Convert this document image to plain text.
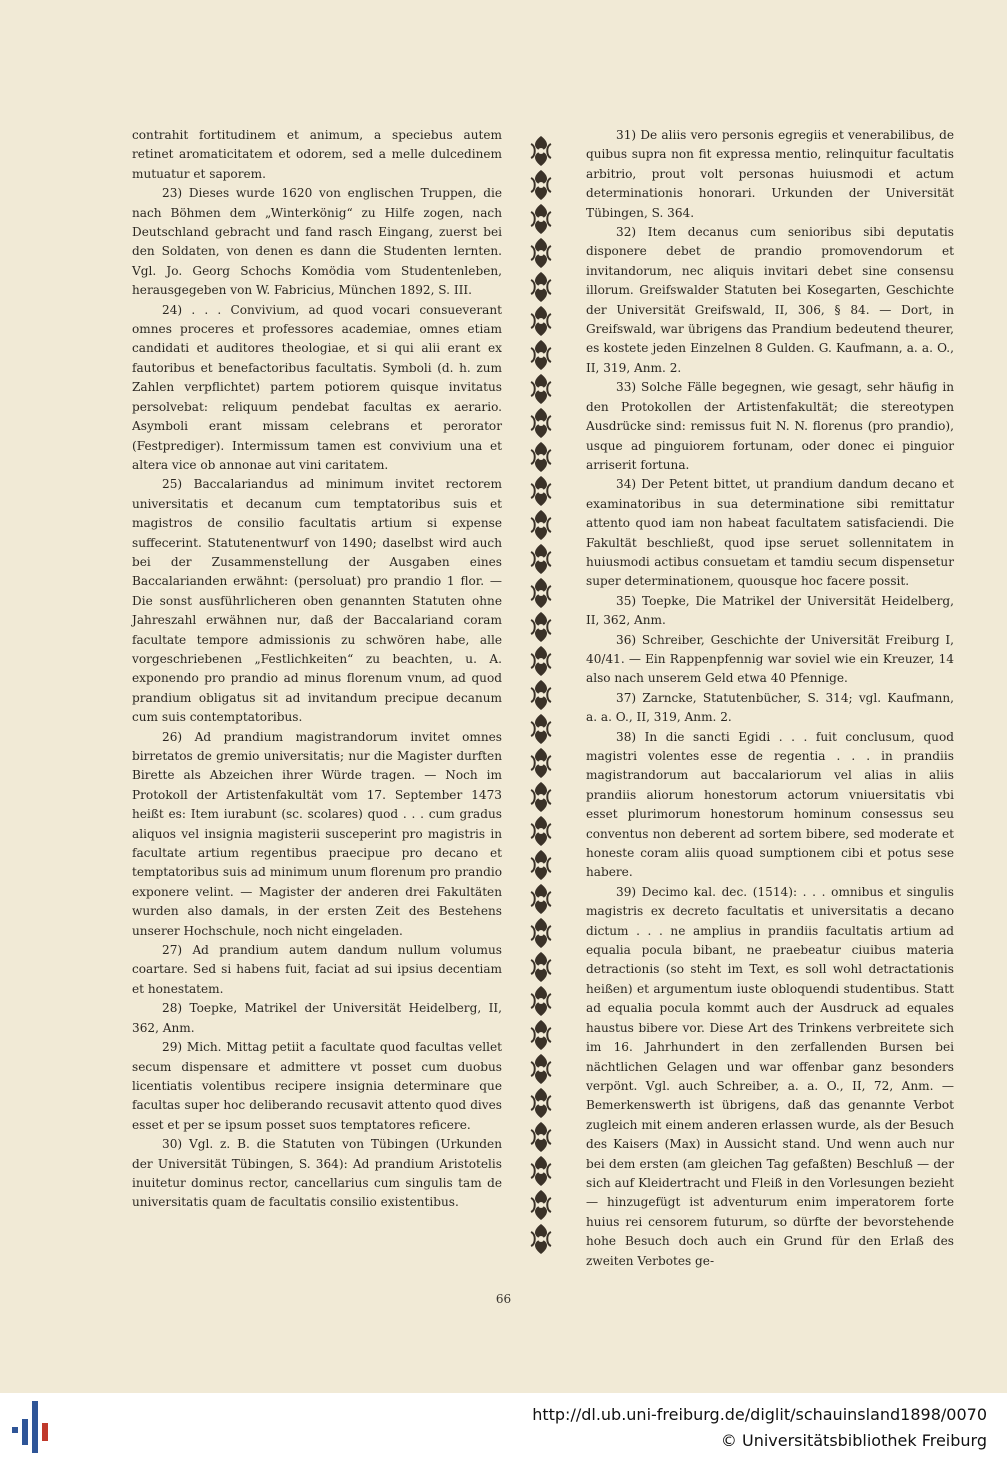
contrahit fortitudinem et animum, a speciebus autem retinet aromaticitatem et odorem, sed a melle dulcedinem mutuatur et saporem.

23) Dieses wurde 1620 von englischen Truppen, die nach Böhmen dem „Winterkönig“ zu Hilfe zogen, nach Deutschland gebracht und fand rasch Eingang, zuerst bei den Soldaten, von denen es dann die Studenten lernten. Vgl. Jo. Georg Schochs Komödia vom Studentenleben, herausgegeben von W. Fabricius, München 1892, S. III.

24) . . . Convivium, ad quod vocari consueverant omnes proceres et professores academiae, omnes etiam candidati et auditores theologiae, et si qui alii erant ex fautoribus et benefactoribus facultatis. Symboli (d. h. zum Zahlen verpflichtet) partem potiorem quisque invitatus persolvebat: reliquum pendebat facultas ex aerario. Asymboli erant missam celebrans et perorator (Festprediger). Intermissum tamen est convivium una et altera vice ob annonae aut vini caritatem.

25) Baccalariandus ad minimum invitet rectorem universitatis et decanum cum temptatoribus suis et magistros de consilio facultatis artium si expense suffecerint. Statutenentwurf von 1490; daselbst wird auch bei der Zusammenstellung der Ausgaben eines Baccalarianden erwähnt: (persoluat) pro prandio 1 flor. — Die sonst ausführlicheren oben genannten Statuten ohne Jahreszahl erwähnen nur, daß der Baccalariand coram facultate tempore admissionis zu schwören habe, alle vorgeschriebenen „Festlichkeiten“ zu beachten, u. A. exponendo pro prandio ad minus florenum vnum, ad quod prandium obligatus sit ad invitandum precipue decanum cum suis contemptatoribus.

26) Ad prandium magistrandorum invitet omnes birretatos de gremio universitatis; nur die Magister durften Birette als Abzeichen ihrer Würde tragen. — Noch im Protokoll der Artistenfakultät vom 17. September 1473 heißt es: Item iurabunt (sc. scolares) quod . . . cum gradus aliquos vel insignia magisterii susceperint pro magistris in facultate artium regentibus praecipue pro decano et temptatoribus suis ad minimum unum florenum pro prandio exponere velint. — Magister der anderen drei Fakultäten wurden also damals, in der ersten Zeit des Bestehens unserer Hochschule, noch nicht eingeladen.

27) Ad prandium autem dandum nullum volumus coartare. Sed si habens fuit, faciat ad sui ipsius decentiam et honestatem.

28) Toepke, Matrikel der Universität Heidelberg, II, 362, Anm.

29) Mich. Mittag petiit a facultate quod facultas vellet secum dispensare et admittere vt posset cum duobus licentiatis volentibus recipere insignia determinare que facultas super hoc deliberando recusavit attento quod dives esset et per se ipsum posset suos temptatores reficere.

30) Vgl. z. B. die Statuten von Tübingen (Urkunden der Universität Tübingen, S. 364): Ad prandium Aristotelis inuitetur dominus rector, cancellarius cum singulis tam de universitatis quam de facultatis consilio existentibus.

31) De aliis vero personis egregiis et venerabilibus, de quibus supra non fit expressa mentio, relinquitur facultatis arbitrio, prout volt personas huiusmodi et actum determinationis honorari. Urkunden der Universität Tübingen, S. 364.

32) Item decanus cum senioribus sibi deputatis disponere debet de prandio promovendorum et invitandorum, nec aliquis invitari debet sine consensu illorum. Greifswalder Statuten bei Kosegarten, Geschichte der Universität Greifswald, II, 306, § 84. — Dort, in Greifswald, war übrigens das Prandium bedeutend theurer, es kostete jeden Einzelnen 8 Gulden. G. Kaufmann, a. a. O., II, 319, Anm. 2.

33) Solche Fälle begegnen, wie gesagt, sehr häufig in den Protokollen der Artistenfakultät; die stereotypen Ausdrücke sind: remissus fuit N. N. florenus (pro prandio), usque ad pinguiorem fortunam, oder donec ei pinguior arriserit fortuna.

34) Der Petent bittet, ut prandium dandum decano et examinatoribus in sua determinatione sibi remittatur attento quod iam non habeat facultatem satisfaciendi. Die Fakultät beschließt, quod ipse seruet sollennitatem in huiusmodi actibus consuetam et tamdiu secum dispensetur super determinationem, quousque hoc facere possit.

35) Toepke, Die Matrikel der Universität Heidelberg, II, 362, Anm.

36) Schreiber, Geschichte der Universität Freiburg I, 40/41. — Ein Rappenpfennig war soviel wie ein Kreuzer, 14 also nach unserem Geld etwa 40 Pfennige.

37) Zarncke, Statutenbücher, S. 314; vgl. Kaufmann, a. a. O., II, 319, Anm. 2.

38) In die sancti Egidi . . . fuit conclusum, quod magistri volentes esse de regentia . . . in prandiis magistrandorum aut baccalariorum vel alias in aliis prandiis aliorum honestorum actorum vniuersitatis vbi esset plurimorum honestorum hominum consessus seu conventus non deberent ad sortem bibere, sed moderate et honeste coram aliis quoad sumptionem cibi et potus sese habere.

39) Decimo kal. dec. (1514): . . . omnibus et singulis magistris ex decreto facultatis et universitatis a decano dictum . . . ne amplius in prandiis facultatis artium ad equalia pocula bibant, ne praebeatur ciuibus materia detractionis (so steht im Text, es soll wohl detractationis heißen) et argumentum iuste obloquendi studentibus. Statt ad equalia pocula kommt auch der Ausdruck ad equales haustus bibere vor. Diese Art des Trinkens verbreitete sich im 16. Jahrhundert in den zerfallenden Bursen bei nächtlichen Gelagen und war offenbar ganz besonders verpönt. Vgl. auch Schreiber, a. a. O., II, 72, Anm. — Bemerkenswerth ist übrigens, daß das genannte Verbot zugleich mit einem anderen erlassen wurde, als der Besuch des Kaisers (Max) in Aussicht stand. Und wenn auch nur bei dem ersten (am gleichen Tag gefaßten) Beschluß — der sich auf Kleidertracht und Fleiß in den Vorlesungen bezieht — hinzugefügt ist adventurum enim imperatorem forte huius rei censorem futurum, so dürfte der bevorstehende hohe Besuch doch auch ein Grund für den Erlaß des zweiten Verbotes ge-

66
http://dl.ub.uni-freiburg.de/diglit/schauinsland1898/0070
© Universitätsbibliothek Freiburg
